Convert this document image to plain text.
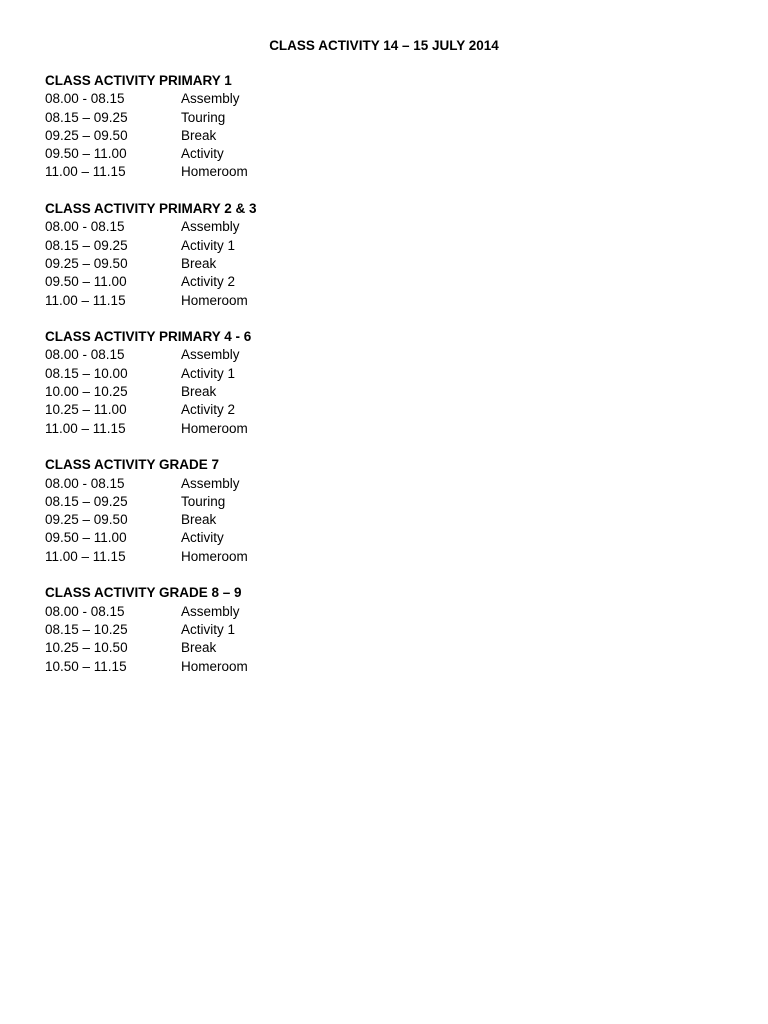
CLASS ACTIVITY 14 – 15 JULY 2014
CLASS ACTIVITY PRIMARY 1
08.00 - 08.15	Assembly
08.15 – 09.25	Touring
09.25 – 09.50	Break
09.50 – 11.00	Activity
11.00 – 11.15	Homeroom
CLASS ACTIVITY PRIMARY 2 & 3
08.00 - 08.15	Assembly
08.15 – 09.25	Activity 1
09.25 – 09.50	Break
09.50 – 11.00	Activity 2
11.00 – 11.15	Homeroom
CLASS ACTIVITY PRIMARY 4 - 6
08.00 - 08.15	Assembly
08.15 – 10.00	Activity 1
10.00 – 10.25	Break
10.25 – 11.00	Activity 2
11.00 – 11.15	Homeroom
CLASS ACTIVITY GRADE 7
08.00 - 08.15	Assembly
08.15 – 09.25	Touring
09.25 – 09.50	Break
09.50 – 11.00	Activity
11.00 – 11.15	Homeroom
CLASS ACTIVITY GRADE 8 – 9
08.00 - 08.15	Assembly
08.15 – 10.25	Activity 1
10.25 – 10.50	Break
10.50 – 11.15	Homeroom
